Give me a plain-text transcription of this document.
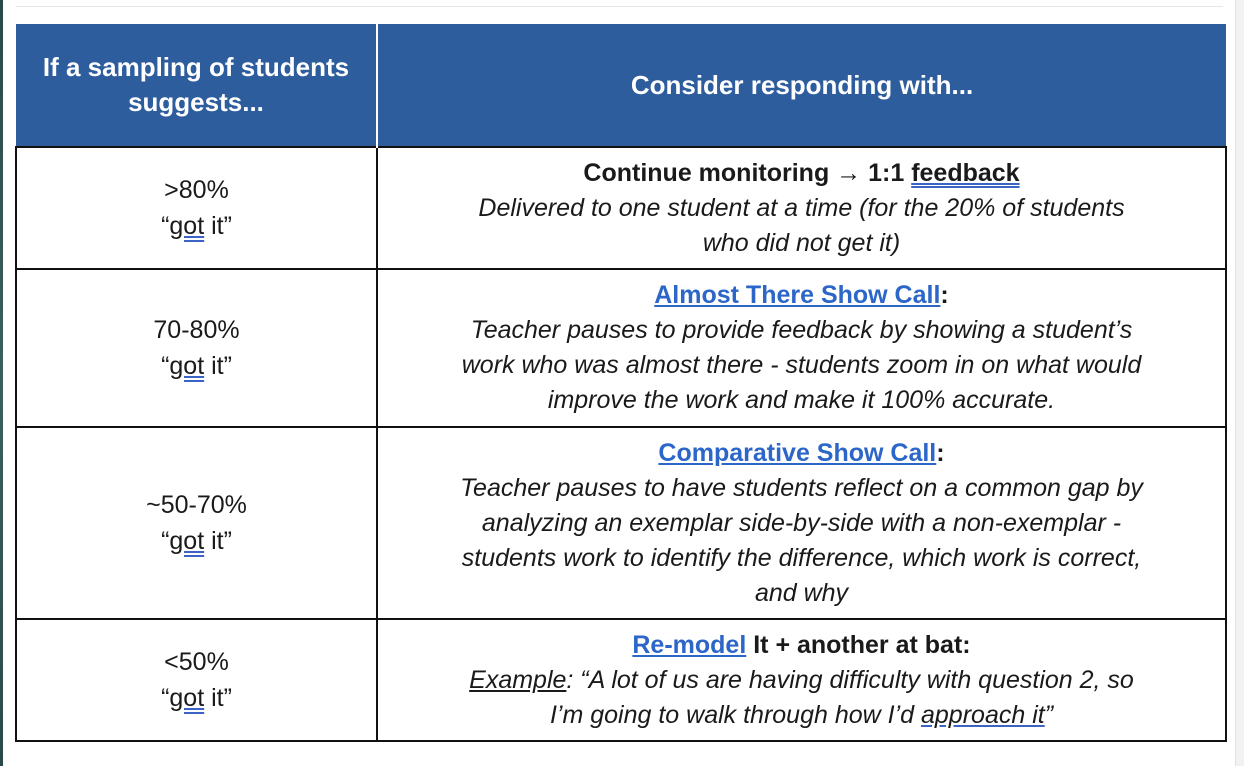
If a sampling of students
suggests...	Consider responding with...

>80%
“got it”	Continue monitoring → 1:1 feedback
Delivered to one student at a time (for the 20% of students
who did not get it)

70-80%
“got it”	Almost There Show Call:
Teacher pauses to provide feedback by showing a student’s
work who was almost there - students zoom in on what would
improve the work and make it 100% accurate.

~50-70%
“got it”	Comparative Show Call:
Teacher pauses to have students reflect on a common gap by
analyzing an exemplar side-by-side with a non-exemplar -
students work to identify the difference, which work is correct,
and why

<50%
“got it”	Re-model It + another at bat:
Example: “A lot of us are having difficulty with question 2, so
I’m going to walk through how I’d approach it”
